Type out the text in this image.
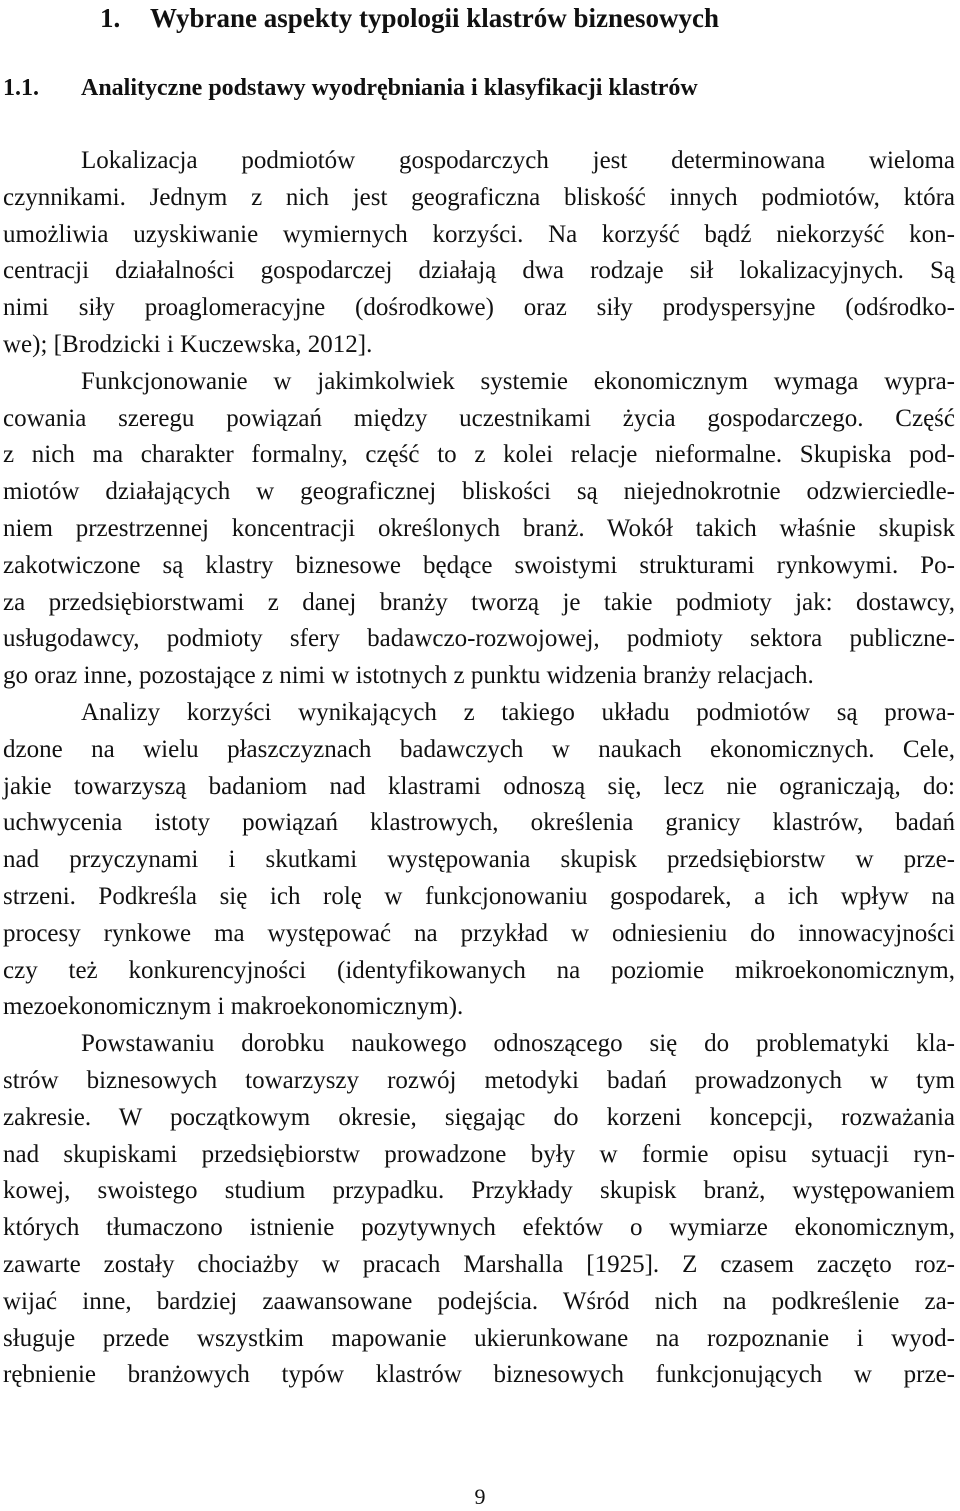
1. Wybrane aspekty typologii klastrów biznesowych
1.1. Analityczne podstawy wyodrębniania i klasyfikacji klastrów
Lokalizacja podmiotów gospodarczych jest determinowana wieloma
czynnikami. Jednym z nich jest geograficzna bliskość innych podmiotów, która
umożliwia uzyskiwanie wymiernych korzyści. Na korzyść bądź niekorzyść kon-
centracji działalności gospodarczej działają dwa rodzaje sił lokalizacyjnych. Są
nimi siły proaglomeracyjne (dośrodkowe) oraz siły prodyspersyjne (odśrodko-
we); [Brodzicki i Kuczewska, 2012].
Funkcjonowanie w jakimkolwiek systemie ekonomicznym wymaga wypra-
cowania szeregu powiązań między uczestnikami życia gospodarczego. Część
z nich ma charakter formalny, część to z kolei relacje nieformalne. Skupiska pod-
miotów działających w geograficznej bliskości są niejednokrotnie odzwierciedle-
niem przestrzennej koncentracji określonych branż. Wokół takich właśnie skupisk
zakotwiczone są klastry biznesowe będące swoistymi strukturami rynkowymi. Po-
za przedsiębiorstwami z danej branży tworzą je takie podmioty jak: dostawcy,
usługodawcy, podmioty sfery badawczo-rozwojowej, podmioty sektora publiczne-
go oraz inne, pozostające z nimi w istotnych z punktu widzenia branży relacjach.
Analizy korzyści wynikających z takiego układu podmiotów są prowa-
dzone na wielu płaszczyznach badawczych w naukach ekonomicznych. Cele,
jakie towarzyszą badaniom nad klastrami odnoszą się, lecz nie ograniczają, do:
uchwycenia istoty powiązań klastrowych, określenia granicy klastrów, badań
nad przyczynami i skutkami występowania skupisk przedsiębiorstw w prze-
strzeni. Podkreśla się ich rolę w funkcjonowaniu gospodarek, a ich wpływ na
procesy rynkowe ma występować na przykład w odniesieniu do innowacyjności
czy też konkurencyjności (identyfikowanych na poziomie mikroekonomicznym,
mezoekonomicznym i makroekonomicznym).
Powstawaniu dorobku naukowego odnoszącego się do problematyki kla-
strów biznesowych towarzyszy rozwój metodyki badań prowadzonych w tym
zakresie. W początkowym okresie, sięgając do korzeni koncepcji, rozważania
nad skupiskami przedsiębiorstw prowadzone były w formie opisu sytuacji ryn-
kowej, swoistego studium przypadku. Przykłady skupisk branż, występowaniem
których tłumaczono istnienie pozytywnych efektów o wymiarze ekonomicznym,
zawarte zostały chociażby w pracach Marshalla [1925]. Z czasem zaczęto roz-
wijać inne, bardziej zaawansowane podejścia. Wśród nich na podkreślenie za-
sługuje przede wszystkim mapowanie ukierunkowane na rozpoznanie i wyod-
rębnienie branżowych typów klastrów biznesowych funkcjonujących w prze-
9
